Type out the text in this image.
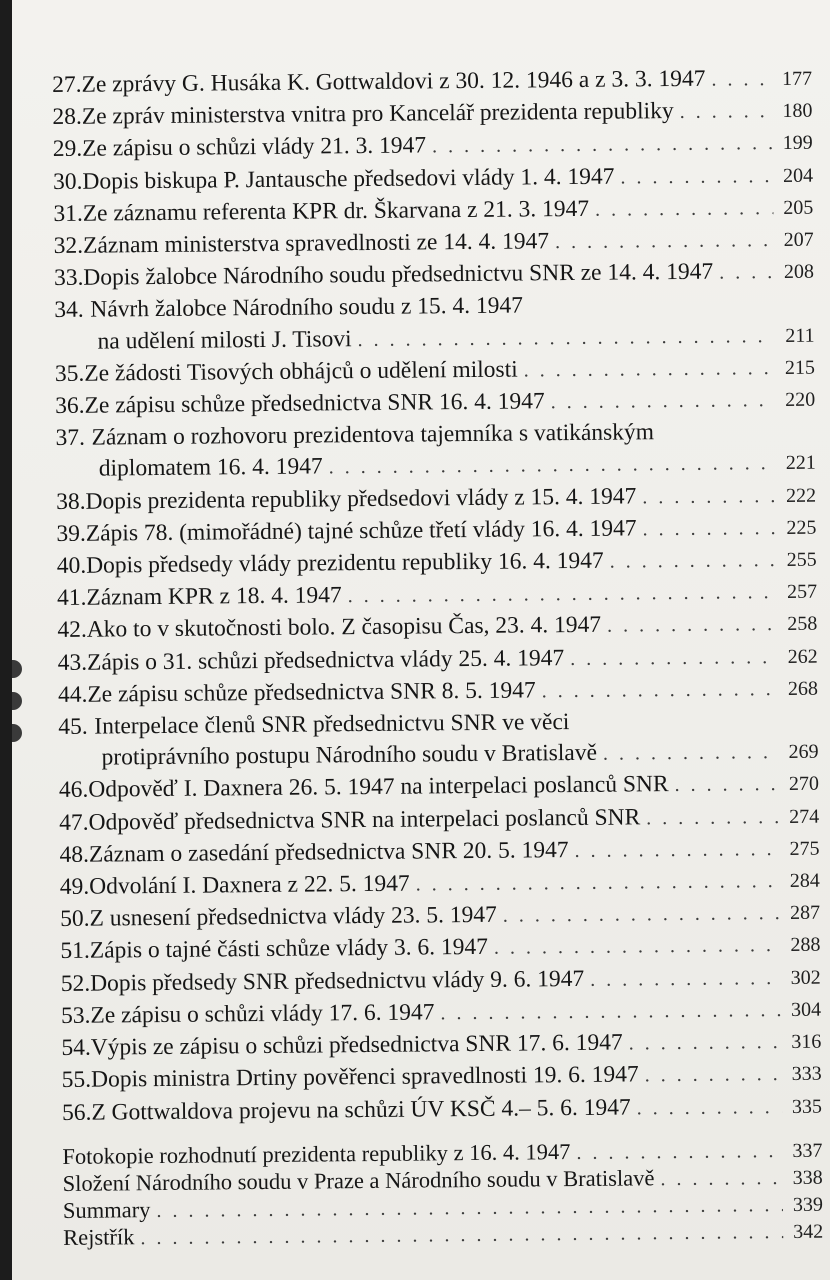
27. Ze zprávy G. Husáka K. Gottwaldovi z 30. 12. 1946 a z 3. 3. 1947 . . .	177
28. Ze zpráv ministerstva vnitra pro Kancelář prezidenta republiky . . .	180
29. Ze zápisu o schůzi vlády 21. 3. 1947 . . .	199
30. Dopis biskupa P. Jantausche předsedovi vlády 1. 4. 1947 . . .	204
31. Ze záznamu referenta KPR dr. Škarvana z 21. 3. 1947 . . .	205
32. Záznam ministerstva spravedlnosti ze 14. 4. 1947 . . .	207
33. Dopis žalobce Národního soudu předsednictvu SNR ze 14. 4. 1947 . . .	208
34. Návrh žalobce Národního soudu z 15. 4. 1947
na udělení milosti J. Tisovi . . .	211
35. Ze žádosti Tisových obhájců o udělení milosti . . .	215
36. Ze zápisu schůze předsednictva SNR 16. 4. 1947 . . .	220
37. Záznam o rozhovoru prezidentova tajemníka s vatikánským
diplomatem 16. 4. 1947 . . .	221
38. Dopis prezidenta republiky předsedovi vlády z 15. 4. 1947 . . .	222
39. Zápis 78. (mimořádné) tajné schůze třetí vlády 16. 4. 1947 . . .	225
40. Dopis předsedy vlády prezidentu republiky 16. 4. 1947 . . .	255
41. Záznam KPR z 18. 4. 1947 . . .	257
42. Ako to v skutočnosti bolo. Z časopisu Čas, 23. 4. 1947 . . .	258
43. Zápis o 31. schůzi předsednictva vlády 25. 4. 1947 . . .	262
44. Ze zápisu schůze předsednictva SNR 8. 5. 1947 . . .	268
45. Interpelace členů SNR předsednictvu SNR ve věci
protiprávního postupu Národního soudu v Bratislavě . . .	269
46. Odpověď I. Daxnera 26. 5. 1947 na interpelaci poslanců SNR . . .	270
47. Odpověď předsednictva SNR na interpelaci poslanců SNR . . .	274
48. Záznam o zasedání předsednictva SNR 20. 5. 1947 . . .	275
49. Odvolání I. Daxnera z 22. 5. 1947 . . .	284
50. Z usnesení předsednictva vlády 23. 5. 1947 . . .	287
51. Zápis o tajné části schůze vlády 3. 6. 1947 . . .	288
52. Dopis předsedy SNR předsednictvu vlády 9. 6. 1947 . . .	302
53. Ze zápisu o schůzi vlády 17. 6. 1947 . . .	304
54. Výpis ze zápisu o schůzi předsednictva SNR 17. 6. 1947 . . .	316
55. Dopis ministra Drtiny pověřenci spravedlnosti 19. 6. 1947 . . .	333
56. Z Gottwaldova projevu na schůzi ÚV KSČ 4.– 5. 6. 1947 . . .	335
Fotokopie rozhodnutí prezidenta republiky z 16. 4. 1947 . . .	337
Složení Národního soudu v Praze a Národního soudu v Bratislavě . . .	338
Summary . . .	339
Rejstřík . . .	342
